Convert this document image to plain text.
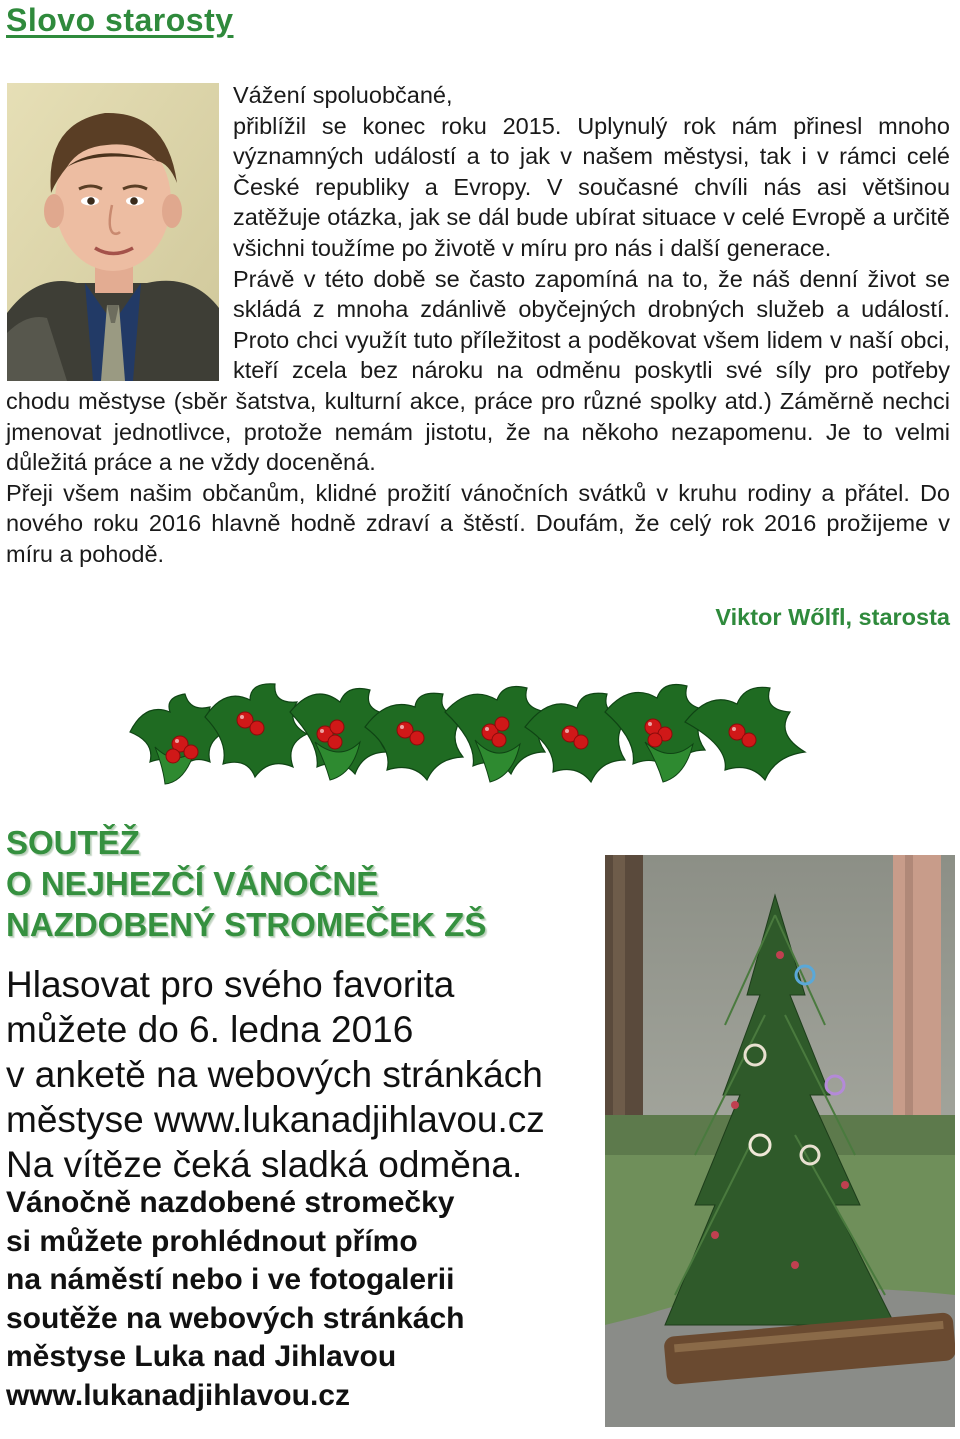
Slovo starosty
Vážení spoluobčané,
přiblížil se konec roku 2015. Uplynulý rok nám přinesl mnoho významných událostí a to jak v našem městysi, tak i v rámci celé České republiky a Evropy. V současné chvíli nás asi většinou zatěžuje otázka, jak se dál bude ubírat situace v celé Evropě a určitě všichni toužíme po životě v míru pro nás i další generace.
Právě v této době se často zapomíná na to, že náš denní život se skládá z mnoha zdánlivě obyčejných drobných služeb a událostí. Proto chci využít tuto příležitost a poděkovat všem lidem v naší obci, kteří zcela bez nároku na odměnu poskytli své síly pro potřeby chodu městyse (sběr šatstva, kulturní akce, práce pro různé spolky atd.) Záměrně nechci jmenovat jednotlivce, protože nemám jistotu, že na někoho nezapomenu. Je to velmi důležitá práce a ne vždy doceněná.
Přeji všem našim občanům, klidné prožití vánočních svátků v kruhu rodiny a přátel. Do nového roku 2016 hlavně hodně zdraví a štěstí. Doufám, že celý rok 2016 prožijeme v míru a pohodě.

Viktor Wőlfl, starosta

SOUTĚŽ
O NEJHEZČÍ VÁNOČNĚ
NAZDOBENÝ STROMEČEK ZŠ
Hlasovat pro svého favorita
můžete do 6. ledna 2016
v anketě na webových stránkách
městyse www.lukanadjihlavou.cz
Na vítěze čeká sladká odměna.
Vánočně nazdobené stromečky
si můžete prohlédnout přímo
na náměstí nebo i ve fotogalerii
soutěže na webových stránkách
městyse Luka nad Jihlavou
www.lukanadjihlavou.cz
